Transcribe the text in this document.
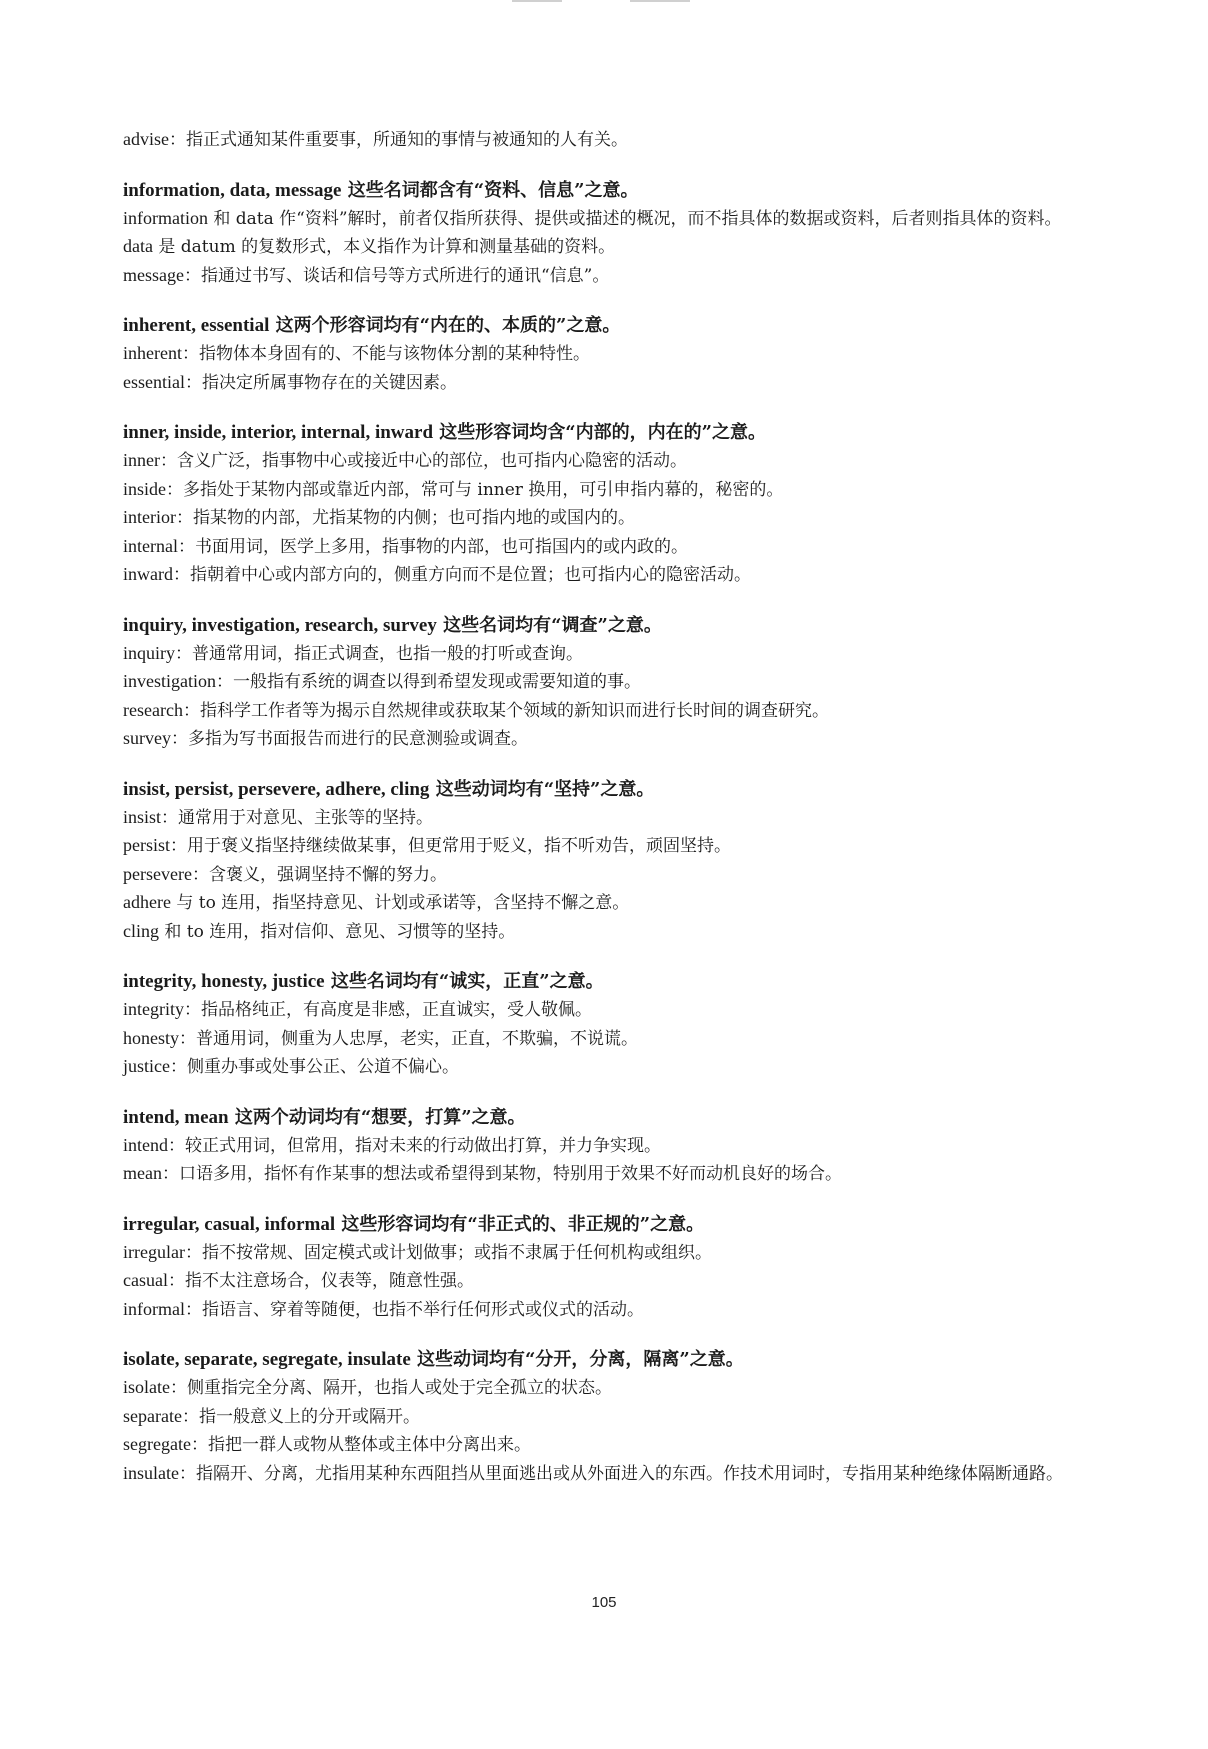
advise：指正式通知某件重要事，所通知的事情与被通知的人有关。

information, data, message 这些名词都含有“资料、信息”之意。

information 和 data 作“资料”解时，前者仅指所获得、提供或描述的概况，而不指具体的数据或资料，后者则指具体的资料。

data 是 datum 的复数形式，本义指作为计算和测量基础的资料。

message：指通过书写、谈话和信号等方式所进行的通讯“信息”。

inherent, essential 这两个形容词均有“内在的、本质的”之意。

inherent：指物体本身固有的、不能与该物体分割的某种特性。

essential：指决定所属事物存在的关键因素。

inner, inside, interior, internal, inward 这些形容词均含“内部的，内在的”之意。

inner：含义广泛，指事物中心或接近中心的部位，也可指内心隐密的活动。

inside：多指处于某物内部或靠近内部，常可与 inner 换用，可引申指内幕的，秘密的。

interior：指某物的内部，尤指某物的内侧；也可指内地的或国内的。

internal：书面用词，医学上多用，指事物的内部，也可指国内的或内政的。

inward：指朝着中心或内部方向的，侧重方向而不是位置；也可指内心的隐密活动。

inquiry, investigation, research, survey 这些名词均有“调查”之意。

inquiry：普通常用词，指正式调查，也指一般的打听或查询。

investigation：一般指有系统的调查以得到希望发现或需要知道的事。

research：指科学工作者等为揭示自然规律或获取某个领域的新知识而进行长时间的调查研究。

survey：多指为写书面报告而进行的民意测验或调查。

insist, persist, persevere, adhere, cling 这些动词均有“坚持”之意。

insist：通常用于对意见、主张等的坚持。

persist：用于褒义指坚持继续做某事，但更常用于贬义，指不听劝告，顽固坚持。

persevere：含褒义，强调坚持不懈的努力。

adhere 与 to 连用，指坚持意见、计划或承诺等，含坚持不懈之意。

cling 和 to 连用，指对信仰、意见、习惯等的坚持。

integrity, honesty, justice 这些名词均有“诚实，正直”之意。

integrity：指品格纯正，有高度是非感，正直诚实，受人敬佩。

honesty：普通用词，侧重为人忠厚，老实，正直，不欺骗，不说谎。

justice：侧重办事或处事公正、公道不偏心。

intend, mean 这两个动词均有“想要，打算”之意。

intend：较正式用词，但常用，指对未来的行动做出打算，并力争实现。

mean：口语多用，指怀有作某事的想法或希望得到某物，特别用于效果不好而动机良好的场合。

irregular, casual, informal 这些形容词均有“非正式的、非正规的”之意。

irregular：指不按常规、固定模式或计划做事；或指不隶属于任何机构或组织。

casual：指不太注意场合，仪表等，随意性强。

informal：指语言、穿着等随便，也指不举行任何形式或仪式的活动。

isolate, separate, segregate, insulate 这些动词均有“分开，分离，隔离”之意。

isolate：侧重指完全分离、隔开，也指人或处于完全孤立的状态。

separate：指一般意义上的分开或隔开。

segregate：指把一群人或物从整体或主体中分离出来。

insulate：指隔开、分离，尤指用某种东西阻挡从里面逃出或从外面进入的东西。作技术用词时，专指用某种绝缘体隔断通路。

105
